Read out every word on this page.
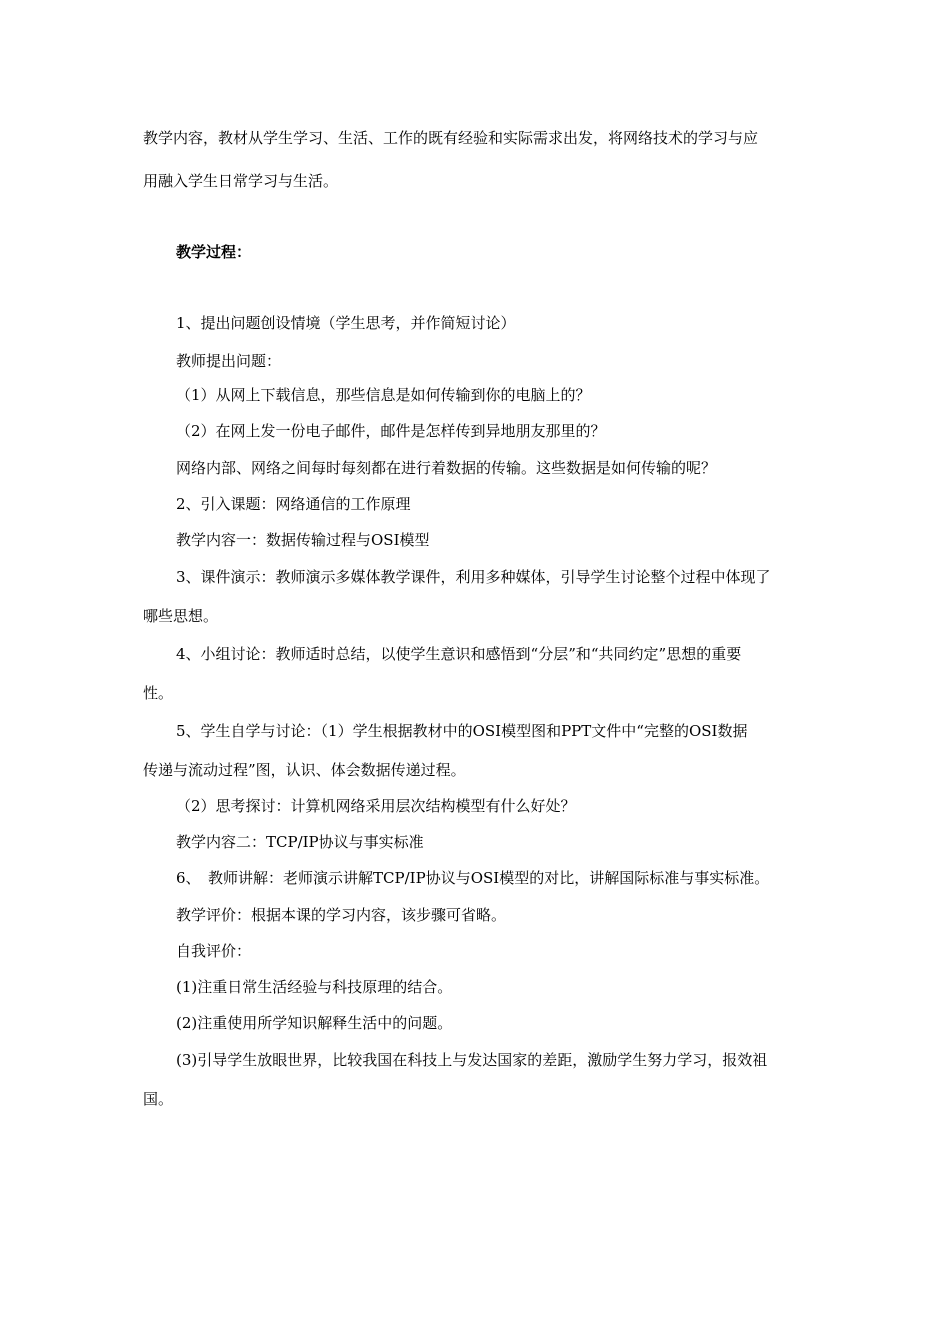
教学内容，教材从学生学习、生活、工作的既有经验和实际需求出发，将网络技术的学习与应
用融入学生日常学习与生活。
教学过程：
1、提出问题创设情境（学生思考，并作简短讨论）
教师提出问题：
（1）从网上下载信息，那些信息是如何传输到你的电脑上的？
（2）在网上发一份电子邮件，邮件是怎样传到异地朋友那里的？
网络内部、网络之间每时每刻都在进行着数据的传输。这些数据是如何传输的呢？
2、引入课题：网络通信的工作原理
教学内容一：数据传输过程与OSI模型
3、课件演示：教师演示多媒体教学课件，利用多种媒体，引导学生讨论整个过程中体现了
哪些思想。
4、小组讨论：教师适时总结，以使学生意识和感悟到“分层”和“共同约定”思想的重要
性。
5、学生自学与讨论：（1）学生根据教材中的OSI模型图和PPT文件中“完整的OSI数据
传递与流动过程”图，认识、体会数据传递过程。
（2）思考探讨：计算机网络采用层次结构模型有什么好处？
教学内容二：TCP/IP协议与事实标准
6、　教师讲解：老师演示讲解TCP/IP协议与OSI模型的对比，讲解国际标准与事实标准。
教学评价：根据本课的学习内容，该步骤可省略。
自我评价：
(1)注重日常生活经验与科技原理的结合。
(2)注重使用所学知识解释生活中的问题。
(3)引导学生放眼世界，比较我国在科技上与发达国家的差距，激励学生努力学习，报效祖
国。
